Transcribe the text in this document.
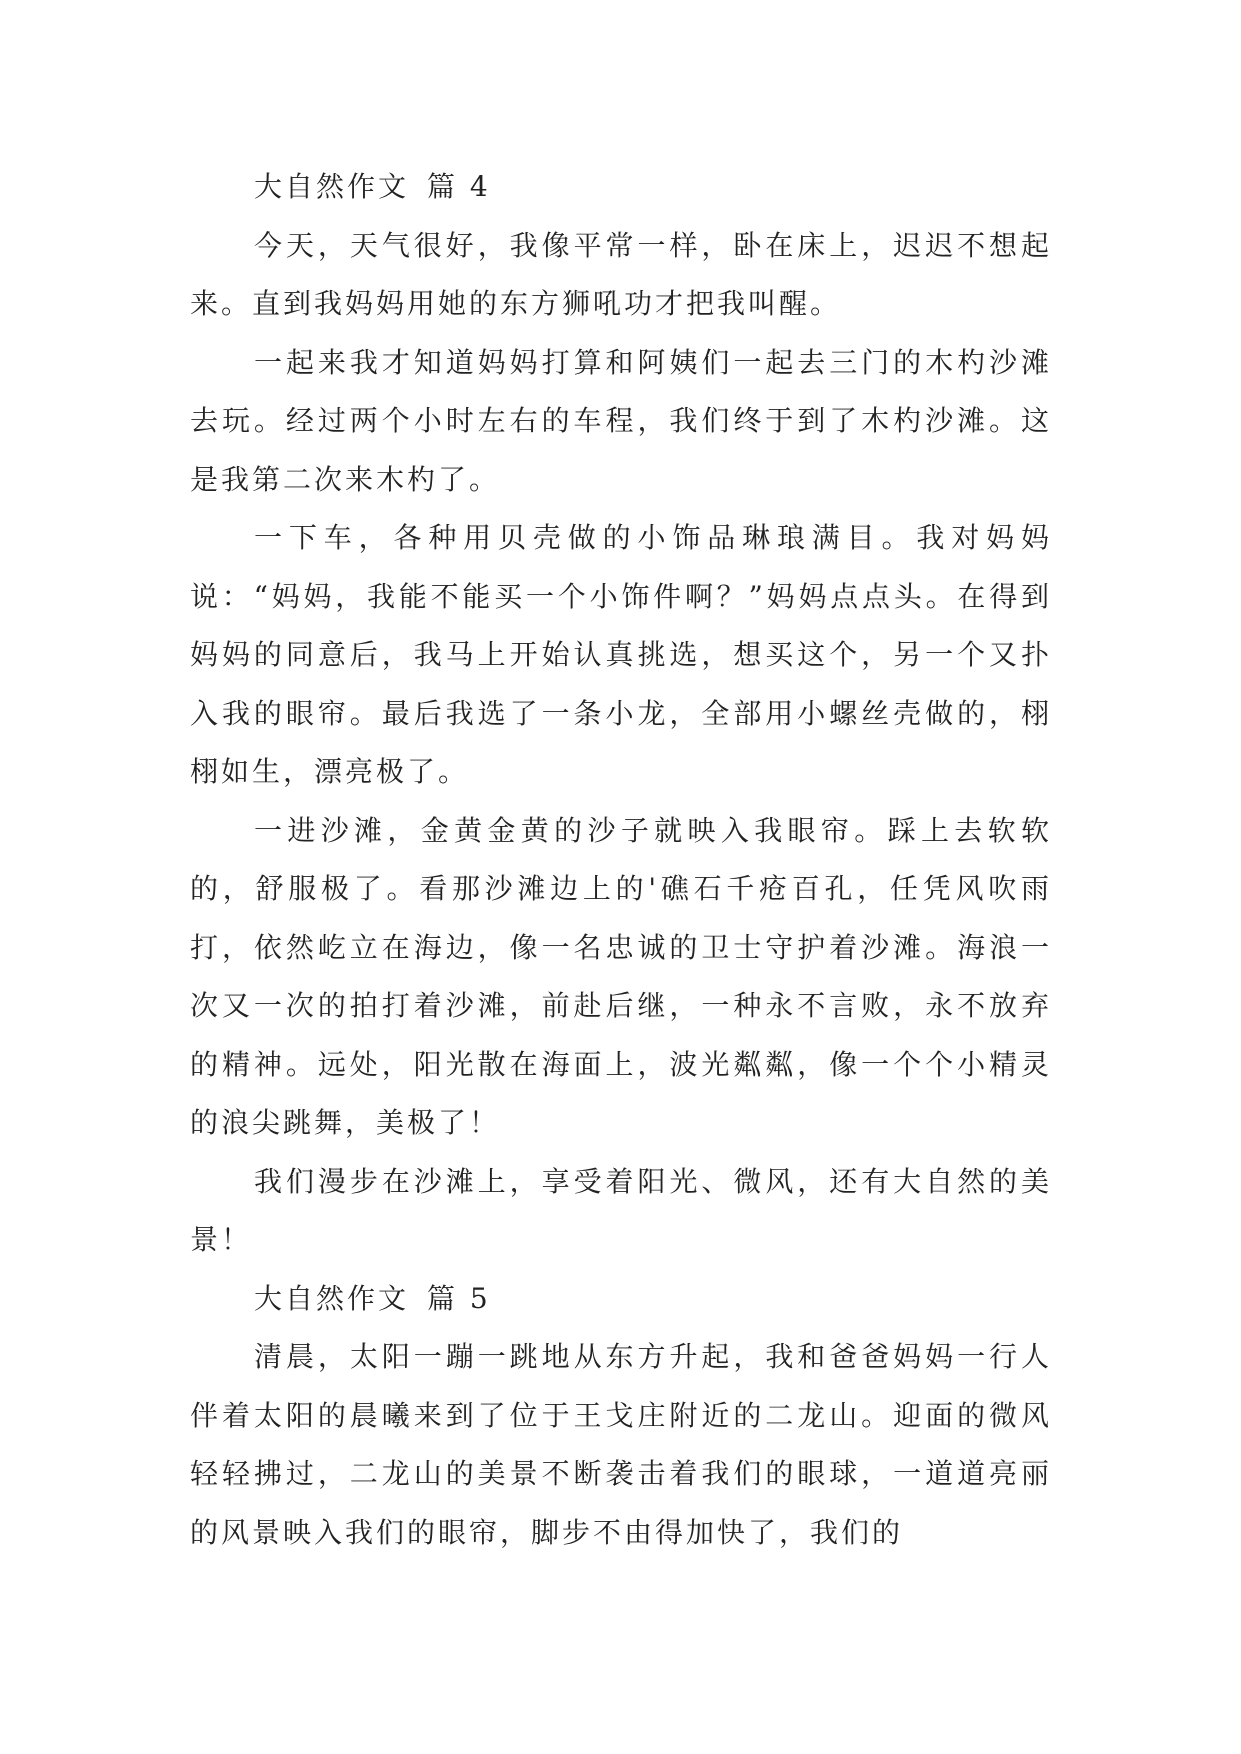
大自然作文 篇 4

今天，天气很好，我像平常一样，卧在床上，迟迟不想起来。直到我妈妈用她的东方狮吼功才把我叫醒。

一起来我才知道妈妈打算和阿姨们一起去三门的木杓沙滩去玩。经过两个小时左右的车程，我们终于到了木杓沙滩。这是我第二次来木杓了。

一下车，各种用贝壳做的小饰品琳琅满目。我对妈妈说：“妈妈，我能不能买一个小饰件啊？”妈妈点点头。在得到妈妈的同意后，我马上开始认真挑选，想买这个，另一个又扑入我的眼帘。最后我选了一条小龙，全部用小螺丝壳做的，栩栩如生，漂亮极了。

一进沙滩，金黄金黄的沙子就映入我眼帘。踩上去软软的，舒服极了。看那沙滩边上的'礁石千疮百孔，任凭风吹雨打，依然屹立在海边，像一名忠诚的卫士守护着沙滩。海浪一次又一次的拍打着沙滩，前赴后继，一种永不言败，永不放弃的精神。远处，阳光散在海面上，波光粼粼，像一个个小精灵的浪尖跳舞，美极了！

我们漫步在沙滩上，享受着阳光、微风，还有大自然的美景！

大自然作文 篇 5

清晨，太阳一蹦一跳地从东方升起，我和爸爸妈妈一行人伴着太阳的晨曦来到了位于王戈庄附近的二龙山。迎面的微风轻轻拂过，二龙山的美景不断袭击着我们的眼球，一道道亮丽的风景映入我们的眼帘，脚步不由得加快了，我们的
